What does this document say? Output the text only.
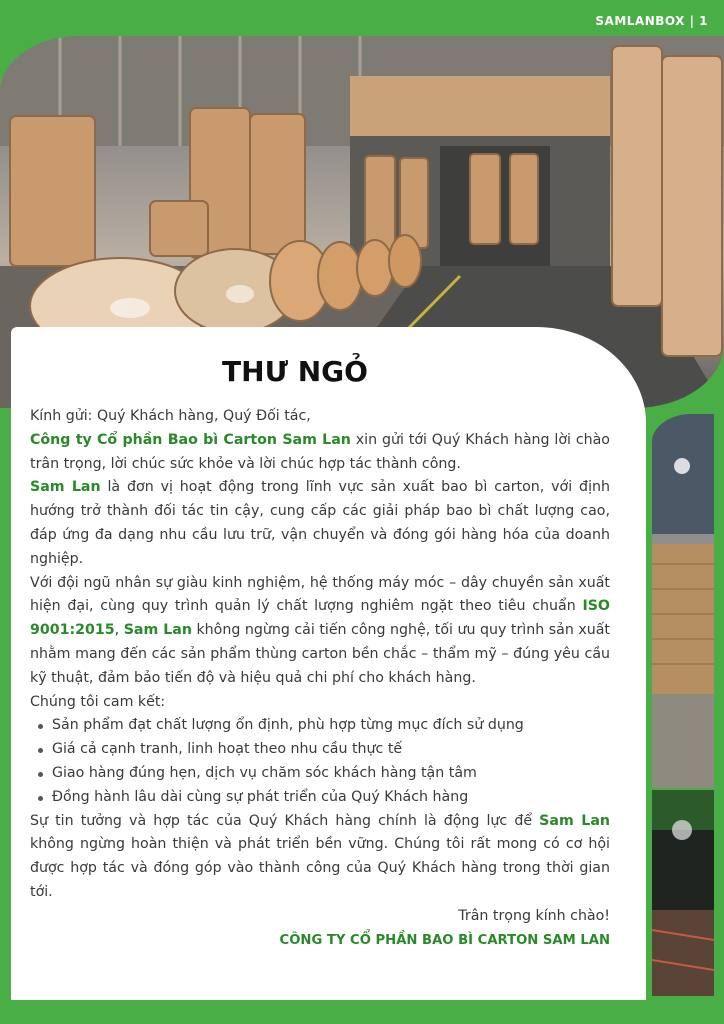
SAMLANBOX | 1
THƯ NGỎ

Kính gửi: Quý Khách hàng, Quý Đối tác,

Công ty Cổ phần Bao bì Carton Sam Lan xin gửi tới Quý Khách hàng lời chào trân trọng, lời chúc sức khỏe và lời chúc hợp tác thành công.

Sam Lan là đơn vị hoạt động trong lĩnh vực sản xuất bao bì carton, với định hướng trở thành đối tác tin cậy, cung cấp các giải pháp bao bì chất lượng cao, đáp ứng đa dạng nhu cầu lưu trữ, vận chuyển và đóng gói hàng hóa của doanh nghiệp.

Với đội ngũ nhân sự giàu kinh nghiệm, hệ thống máy móc – dây chuyền sản xuất hiện đại, cùng quy trình quản lý chất lượng nghiêm ngặt theo tiêu chuẩn ISO 9001:2015, Sam Lan không ngừng cải tiến công nghệ, tối ưu quy trình sản xuất nhằm mang đến các sản phẩm thùng carton bền chắc – thẩm mỹ – đúng yêu cầu kỹ thuật, đảm bảo tiến độ và hiệu quả chi phí cho khách hàng.

Chúng tôi cam kết:

Sản phẩm đạt chất lượng ổn định, phù hợp từng mục đích sử dụng
Giá cả cạnh tranh, linh hoạt theo nhu cầu thực tế
Giao hàng đúng hẹn, dịch vụ chăm sóc khách hàng tận tâm
Đồng hành lâu dài cùng sự phát triển của Quý Khách hàng

Sự tin tưởng và hợp tác của Quý Khách hàng chính là động lực để Sam Lan không ngừng hoàn thiện và phát triển bền vững. Chúng tôi rất mong có cơ hội được hợp tác và đóng góp vào thành công của Quý Khách hàng trong thời gian tới.

Trân trọng kính chào!

CÔNG TY CỔ PHẦN BAO BÌ CARTON SAM LAN
